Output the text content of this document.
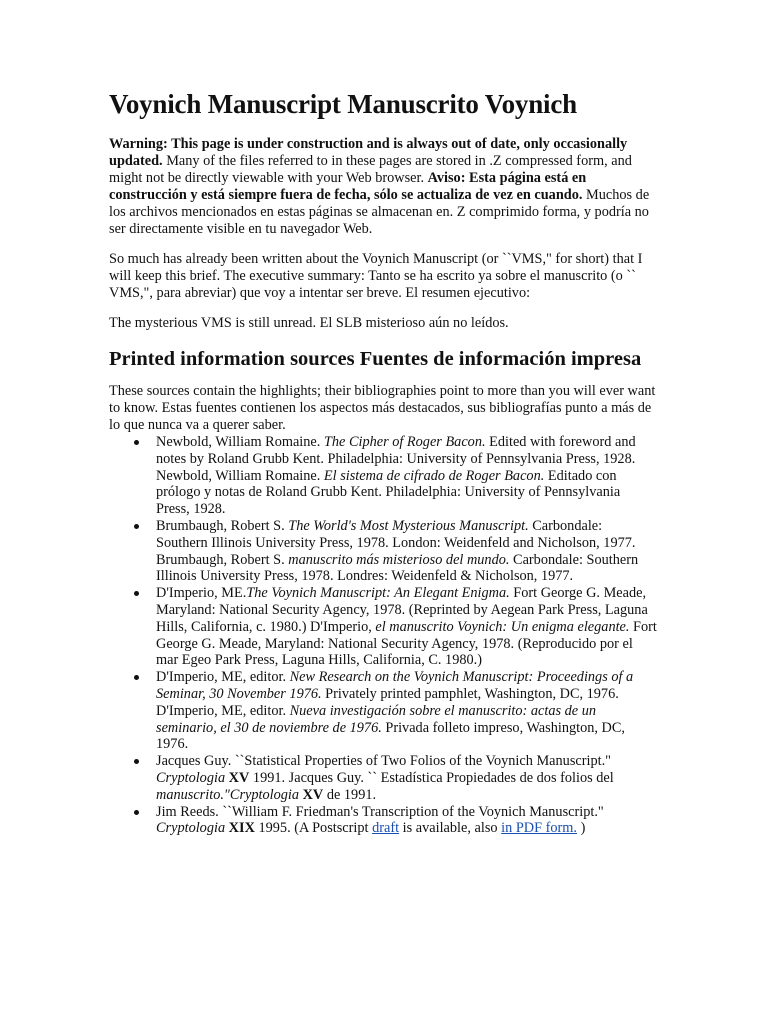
Voynich Manuscript Manuscrito Voynich

Warning: This page is under construction and is always out of date, only occasionally updated. Many of the files referred to in these pages are stored in .Z compressed form, and might not be directly viewable with your Web browser. Aviso: Esta página está en construcción y está siempre fuera de fecha, sólo se actualiza de vez en cuando. Muchos de los archivos mencionados en estas páginas se almacenan en. Z comprimido forma, y podría no ser directamente visible en tu navegador Web.

So much has already been written about the Voynich Manuscript (or ``VMS," for short) that I will keep this brief. The executive summary: Tanto se ha escrito ya sobre el manuscrito (o `` VMS,", para abreviar) que voy a intentar ser breve. El resumen ejecutivo:

The mysterious VMS is still unread. El SLB misterioso aún no leídos.

Printed information sources Fuentes de información impresa

These sources contain the highlights; their bibliographies point to more than you will ever want to know. Estas fuentes contienen los aspectos más destacados, sus bibliografías punto a más de lo que nunca va a querer saber.

Newbold, William Romaine. The Cipher of Roger Bacon. Edited with foreword and notes by Roland Grubb Kent. Philadelphia: University of Pennsylvania Press, 1928. Newbold, William Romaine. El sistema de cifrado de Roger Bacon. Editado con prólogo y notas de Roland Grubb Kent. Philadelphia: University of Pennsylvania Press, 1928.
Brumbaugh, Robert S. The World's Most Mysterious Manuscript. Carbondale: Southern Illinois University Press, 1978. London: Weidenfeld and Nicholson, 1977. Brumbaugh, Robert S. manuscrito más misterioso del mundo. Carbondale: Southern Illinois University Press, 1978. Londres: Weidenfeld & Nicholson, 1977.
D'Imperio, ME.The Voynich Manuscript: An Elegant Enigma. Fort George G. Meade, Maryland: National Security Agency, 1978. (Reprinted by Aegean Park Press, Laguna Hills, California, c. 1980.) D'Imperio, el manuscrito Voynich: Un enigma elegante. Fort George G. Meade, Maryland: National Security Agency, 1978. (Reproducido por el mar Egeo Park Press, Laguna Hills, California, C. 1980.)
D'Imperio, ME, editor. New Research on the Voynich Manuscript: Proceedings of a Seminar, 30 November 1976. Privately printed pamphlet, Washington, DC, 1976. D'Imperio, ME, editor. Nueva investigación sobre el manuscrito: actas de un seminario, el 30 de noviembre de 1976. Privada folleto impreso, Washington, DC, 1976.
Jacques Guy. ``Statistical Properties of Two Folios of the Voynich Manuscript." Cryptologia XV 1991. Jacques Guy. `` Estadística Propiedades de dos folios del manuscrito."Cryptologia XV de 1991.
Jim Reeds. ``William F. Friedman's Transcription of the Voynich Manuscript." Cryptologia XIX 1995. (A Postscript draft is available, also in PDF form. )
